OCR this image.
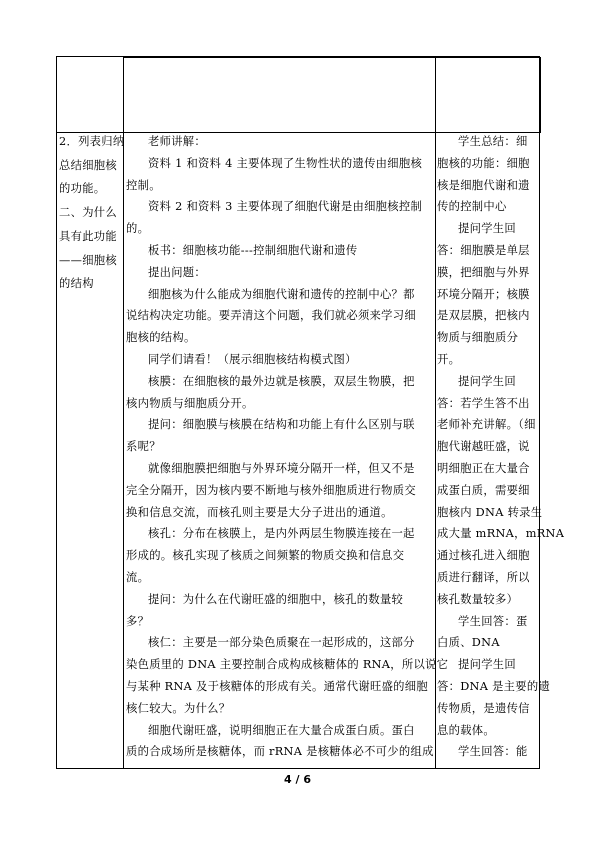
2．列表归纳
总结细胞核
的功能。
二、为什么
具有此功能
——细胞核
的结构
老师讲解：
资料 1 和资料 4 主要体现了生物性状的遗传由细胞核
控制。
资料 2 和资料 3 主要体现了细胞代谢是由细胞核控制
的。
板书：细胞核功能---控制细胞代谢和遗传
提出问题：
细胞核为什么能成为细胞代谢和遗传的控制中心？都
说结构决定功能。要弄清这个问题，我们就必须来学习细
胞核的结构。
同学们请看！（展示细胞核结构模式图）
核膜：在细胞核的最外边就是核膜，双层生物膜，把
核内物质与细胞质分开。
提问：细胞膜与核膜在结构和功能上有什么区别与联
系呢？
就像细胞膜把细胞与外界环境分隔开一样，但又不是
完全分隔开，因为核内要不断地与核外细胞质进行物质交
换和信息交流，而核孔则主要是大分子进出的通道。
核孔：分布在核膜上，是内外两层生物膜连接在一起
形成的。核孔实现了核质之间频繁的物质交换和信息交
流。
提问：为什么在代谢旺盛的细胞中，核孔的数量较
多？
核仁：主要是一部分染色质聚在一起形成的，这部分
染色质里的 DNA 主要控制合成构成核糖体的 RNA，所以说它
与某种 RNA 及于核糖体的形成有关。通常代谢旺盛的细胞
核仁较大。为什么？
细胞代谢旺盛，说明细胞正在大量合成蛋白质。蛋白
质的合成场所是核糖体，而 rRNA 是核糖体必不可少的组成
学生总结：细
胞核的功能：细胞
核是细胞代谢和遗
传的控制中心
提问学生回
答：细胞膜是单层
膜，把细胞与外界
环境分隔开；核膜
是双层膜，把核内
物质与细胞质分
开。
提问学生回
答：若学生答不出
老师补充讲解。（细
胞代谢越旺盛，说
明细胞正在大量合
成蛋白质，需要细
胞核内 DNA 转录生
成大量 mRNA，mRNA
通过核孔进入细胞
质进行翻译，所以
核孔数量较多）
学生回答：蛋
白质、DNA
提问学生回
答：DNA 是主要的遗
传物质，是遗传信
息的载体。
学生回答：能
4 / 6
